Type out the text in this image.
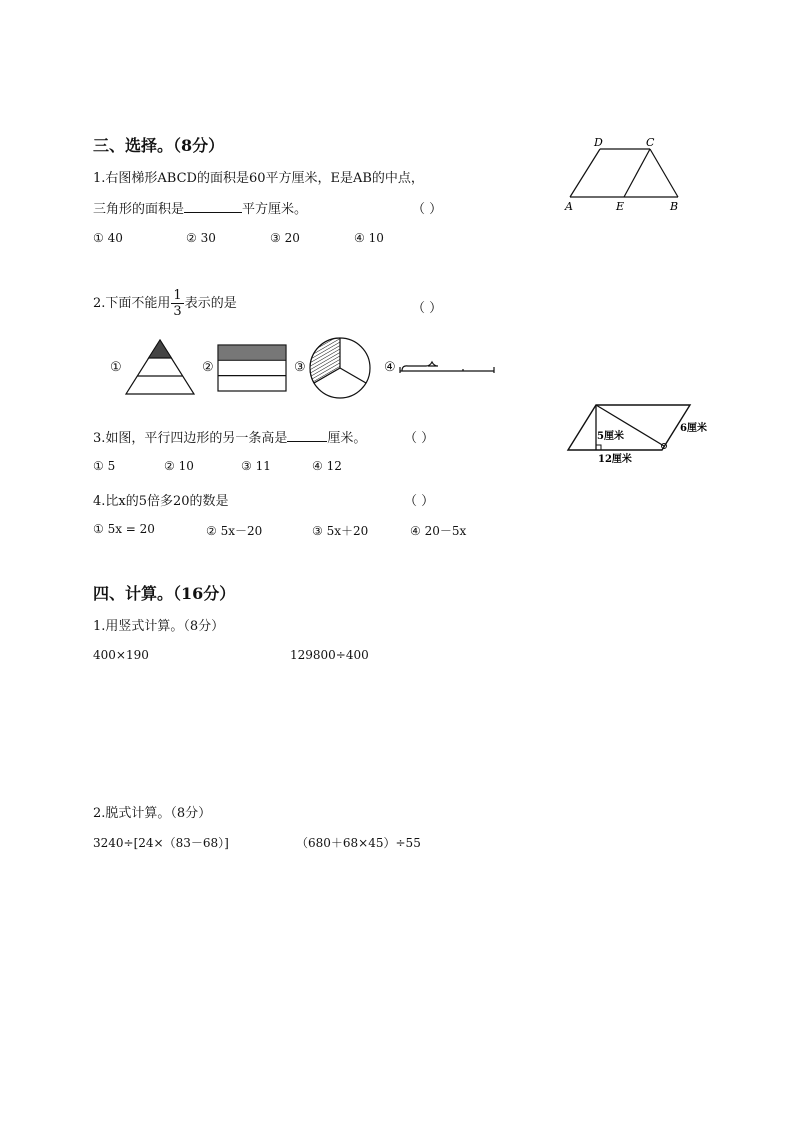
三、选择。（8分）
1.右图梯形ABCD的面积是60平方厘米，E是AB的中点，
三角形的面积是	平方厘米。	（ ）
① 40	② 30	③ 20	④ 10
D	C
A	E	B
2.下面不能用 $\frac{1}{3}$ 表示的是	（ ）
①	②	③	④
3.如图，平行四边形的另一条高是	厘米。	（ ）
① 5	② 10	③ 11	④ 12
5厘米
6厘米
12厘米
4.比x的5倍多20的数是	（ ）
① 5x = 20	② 5x－20	③ 5x＋20	④ 20－5x
四、计算。（16分）
1.用竖式计算。（8分）
400×190	129800÷400
2.脱式计算。（8分）
3240÷[24×（83－68）]	（680＋68×45）÷55
